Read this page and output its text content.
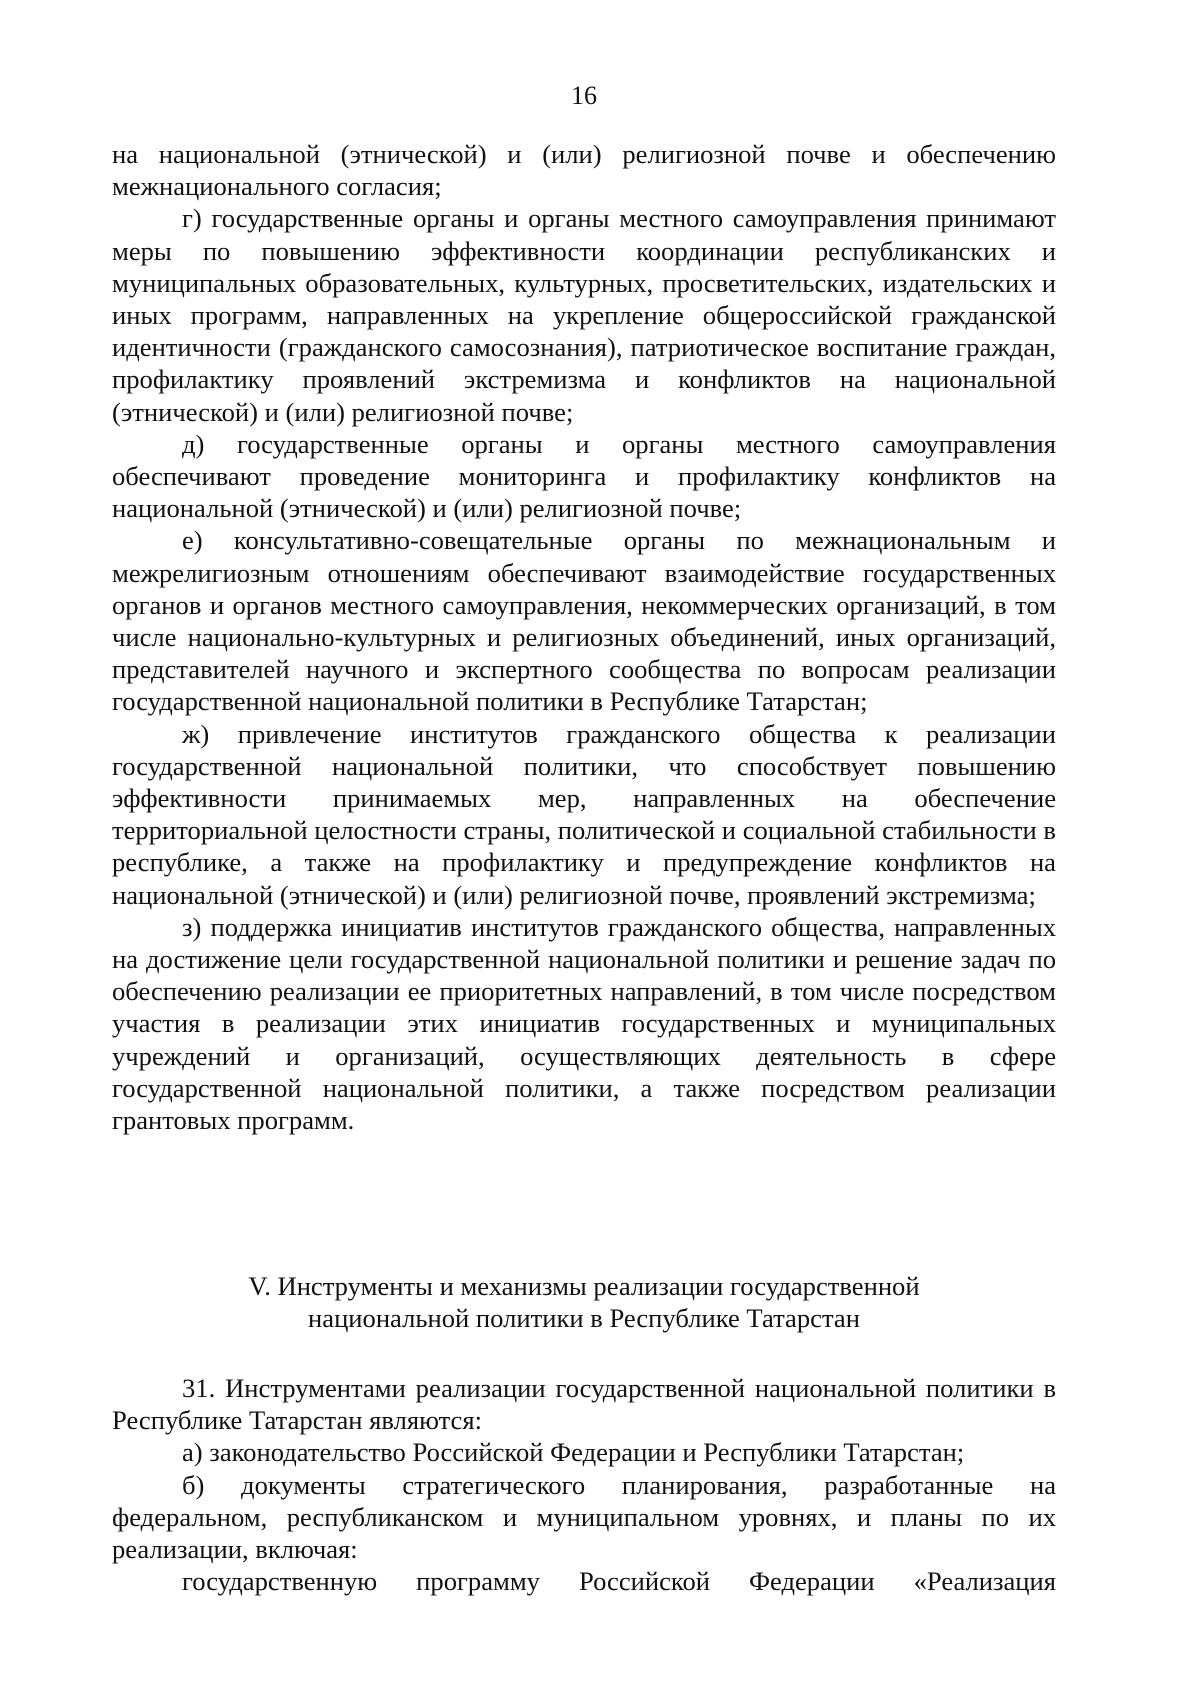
16

на национальной (этнической) и (или) религиозной почве и обеспечению межнационального согласия;

г) государственные органы и органы местного самоуправления принимают меры по повышению эффективности координации республиканских и муниципальных образовательных, культурных, просветительских, издательских и иных программ, направленных на укрепление общероссийской гражданской идентичности (гражданского самосознания), патриотическое воспитание граждан, профилактику проявлений экстремизма и конфликтов на национальной (этнической) и (или) религиозной почве;

д) государственные органы и органы местного самоуправления обеспечивают проведение мониторинга и профилактику конфликтов на национальной (этнической) и (или) религиозной почве;

е) консультативно-совещательные органы по межнациональным и межрелигиозным отношениям обеспечивают взаимодействие государственных органов и органов местного самоуправления, некоммерческих организаций, в том числе национально-культурных и религиозных объединений, иных организаций, представителей научного и экспертного сообщества по вопросам реализации государственной национальной политики в Республике Татарстан;

ж) привлечение институтов гражданского общества к реализации государственной национальной политики, что способствует повышению эффективности принимаемых мер, направленных на обеспечение территориальной целостности страны, политической и социальной стабильности в республике, а также на профилактику и предупреждение конфликтов на национальной (этнической) и (или) религиозной почве, проявлений экстремизма;

з) поддержка инициатив институтов гражданского общества, направленных на достижение цели государственной национальной политики и решение задач по обеспечению реализации ее приоритетных направлений, в том числе посредством участия в реализации этих инициатив государственных и муниципальных учреждений и организаций, осуществляющих деятельность в сфере государственной национальной политики, а также посредством реализации грантовых программ.

V. Инструменты и механизмы реализации государственной
национальной политики в Республике Татарстан

31. Инструментами реализации государственной национальной политики в Республике Татарстан являются:

а) законодательство Российской Федерации и Республики Татарстан;

б) документы стратегического планирования, разработанные на федеральном, республиканском и муниципальном уровнях, и планы по их реализации, включая:

государственную программу Российской Федерации «Реализация
